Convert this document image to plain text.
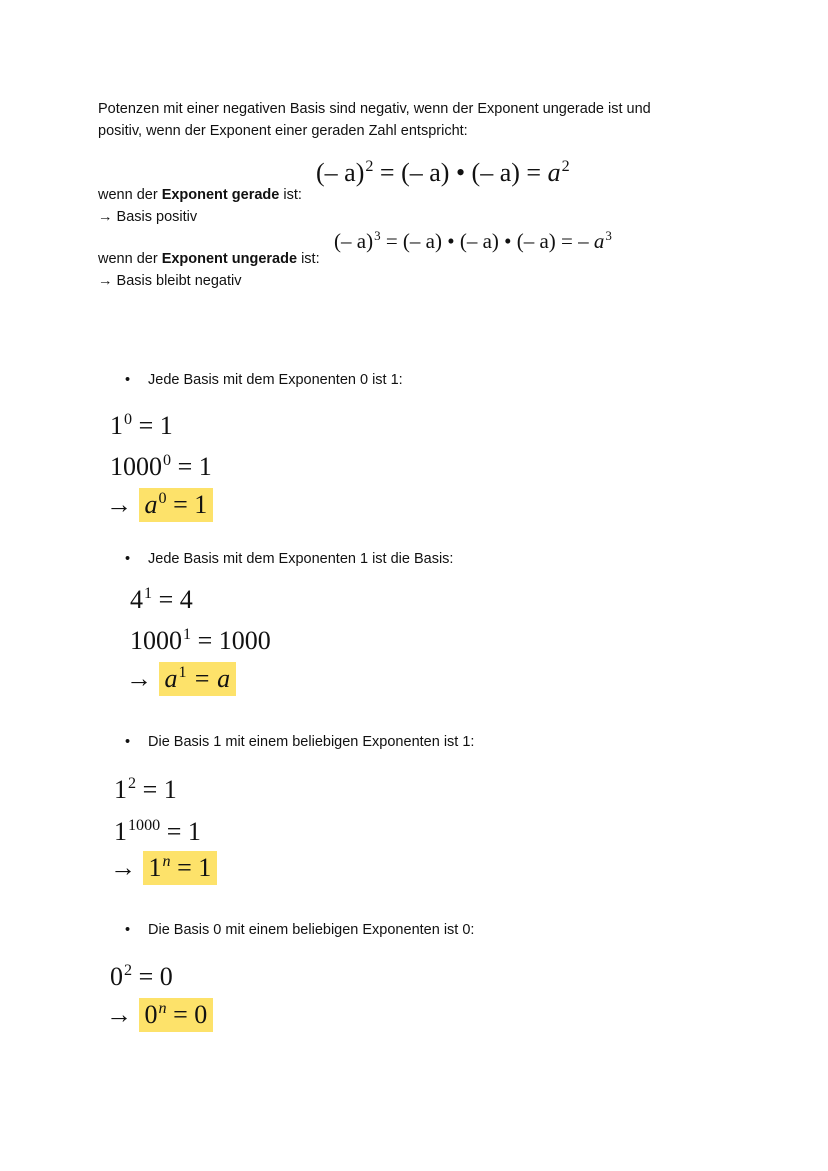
Potenzen mit einer negativen Basis sind negativ, wenn der Exponent ungerade ist und
positiv, wenn der Exponent einer geraden Zahl entspricht:
(– a)$^2$ = (– a) • (– $a) = a^2$
wenn der Exponent gerade ist:
→ Basis positiv
(– a)$^3$ = (– a) • (– a) • (– a) = – $a^3$
wenn der Exponent ungerade ist:
→ Basis bleibt negativ
• Jede Basis mit dem Exponenten 0 ist 1:
$1^0 = 1$
$1000^0 = 1$
→ $a^0 = 1$
• Jede Basis mit dem Exponenten 1 ist die Basis:
$4^1 = 4$
$1000^1 = 1000$
→ $a^1 = a$
• Die Basis 1 mit einem beliebigen Exponenten ist 1:
$1^2 = 1$
$1^{1000} = 1$
→ $1^n = 1$
• Die Basis 0 mit einem beliebigen Exponenten ist 0:
$0^2 = 0$
→ $0^n = 0$
